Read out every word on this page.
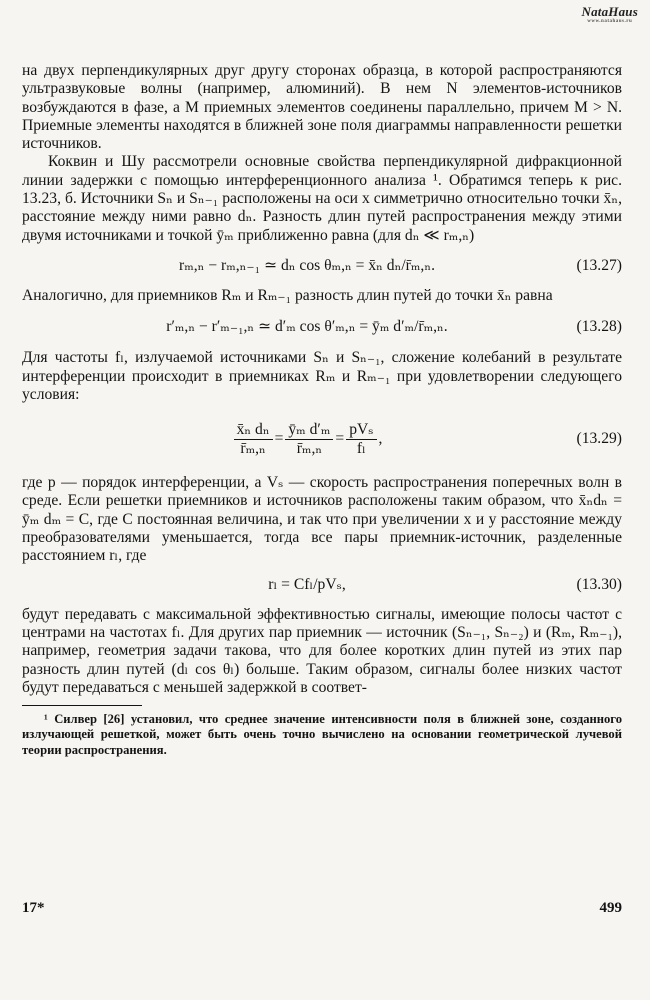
NataHaus
www.natahaus.ru

на двух перпендикулярных друг другу сторонах образца, в которой распространяются ультразвуковые волны (например, алюминий). В нем N элементов-источников возбуждаются в фазе, а M приемных элементов соединены параллельно, причем M > N. Приемные элементы находятся в ближней зоне поля диаграммы направленности решетки источников.

Коквин и Шу рассмотрели основные свойства перпендикулярной дифракционной линии задержки с помощью интерференционного анализа ¹. Обратимся теперь к рис. 13.23, б. Источники Sₙ и Sₙ₋₁ расположены на оси x симметрично относительно точки x̄ₙ, расстояние между ними равно dₙ. Разность длин путей распространения между этими двумя источниками и точкой ȳₘ приближенно равна (для dₙ ≪ rₘ,ₙ)

rₘ,ₙ − rₘ,ₙ₋₁ ≃ dₙ cos θₘ,ₙ = x̄ₙ dₙ/r̄ₘ,ₙ.	(13.27)

Аналогично, для приемников Rₘ и Rₘ₋₁ разность длин путей до точки x̄ₙ равна

r′ₘ,ₙ − r′ₘ₋₁,ₙ ≃ d′ₘ cos θ′ₘ,ₙ = ȳₘ d′ₘ/r̄ₘ,ₙ.	(13.28)

Для частоты fₗ, излучаемой источниками Sₙ и Sₙ₋₁, сложение колебаний в результате интерференции происходит в приемниках Rₘ и Rₘ₋₁ при удовлетворении следующего условия:

$\frac{\text{x̄ₙ dₙ}}{\text{r̄ₘ,ₙ}} = \frac{\text{ȳₘ d′ₘ}}{\text{r̄ₘ,ₙ}} = \frac{\text{pVₛ}}{\text{fₗ}}$ ,	(13.29)

где p — порядок интерференции, а Vₛ — скорость распространения поперечных волн в среде. Если решетки приемников и источников расположены таким образом, что x̄ₙdₙ = ȳₘ dₘ = C, где C постоянная величина, и так что при увеличении x и y расстояние между преобразователями уменьшается, тогда все пары приемник-источник, разделенные расстоянием rₗ, где

rₗ = Cfₗ/pVₛ,	(13.30)

будут передавать с максимальной эффективностью сигналы, имеющие полосы частот с центрами на частотах fₗ. Для других пар приемник — источник (Sₙ₋₁, Sₙ₋₂) и (Rₘ, Rₘ₋₁), например, геометрия задачи такова, что для более коротких длин путей из этих пар разность длин путей (dₗ cos θₗ) больше. Таким образом, сигналы более низких частот будут передаваться с меньшей задержкой в соответ-

¹ Силвер [26] установил, что среднее значение интенсивности поля в ближней зоне, созданного излучающей решеткой, может быть очень точно вычислено на основании геометрической лучевой теории распространения.

17*	499
